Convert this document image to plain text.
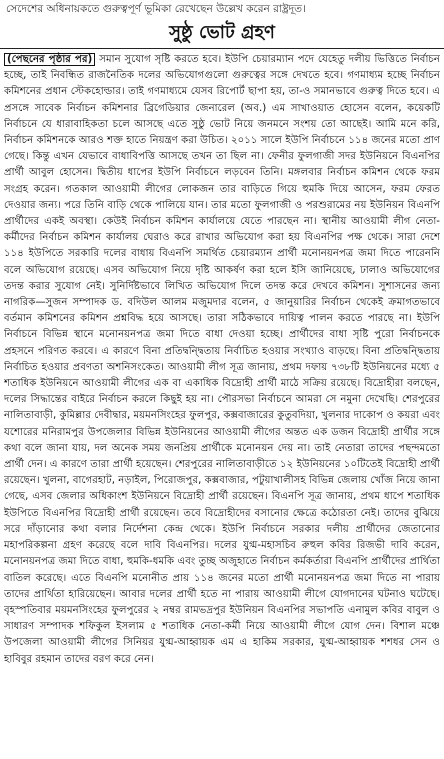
সেদেশের অধিনায়কতে গুরুত্বপূর্ণ ভূমিকা রেখেছেন উল্লেখ করেন রাষ্ট্রদূত।
সুষ্ঠু ভোট গ্রহণ

(পেছনের পৃষ্ঠার পর) সমান সুযোগ সৃষ্টি করতে হবে। ইউপি চেয়ারম্যান পদে যেহেতু দলীয় ভিত্তিতে নির্বাচন হচ্ছে, তাই নিবন্ধিত রাজনৈতিক দলের অভিযোগগুলো গুরুত্বের সঙ্গে দেখতে হবে। গণমাধ্যম হচ্ছে নির্বাচন কমিশনের প্রধান স্টেকহোল্ডার। তাই গণমাধ্যমে যেসব রিপোর্ট ছাপা হয়, তা-ও সমানভাবে গুরুত্ব দিতে হবে। এ প্রসঙ্গে সাবেক নির্বাচন কমিশনার ব্রিগেডিয়ার জেনারেল (অব.) এম সাখাওয়াত হোসেন বলেন, কয়েকটি নির্বাচনে যে ধারাবাহিকতা চলে আসছে এতে সুষ্ঠু ভোট নিয়ে জনমনে সংশয় তো আছেই। আমি মনে করি, নির্বাচন কমিশনকে আরও শক্ত হাতে নিয়ন্ত্রণ করা উচিত। ২০১১ সালে ইউপি নির্বাচনে ১১৪ জনের মতো প্রাণ গেছে। কিন্তু এখন যেভাবে বাধাবিপত্তি আসছে তখন তা ছিল না। ফেনীর ফুলগাজী সদর ইউনিয়নে বিএনপির প্রার্থী আবুল হোসেন। দ্বিতীয় ধাপের ইউপি নির্বাচনে লড়বেন তিনি। মঙ্গলবার নির্বাচন কমিশন থেকে ফরম সংগ্রহ করেন। গতকাল আওয়ামী লীগের লোকজন তার বাড়িতে গিয়ে হুমকি দিয়ে আসেন, ফরম ফেরত দেওয়ার জন্য। পরে তিনি বাড়ি থেকে পালিয়ে যান। তার মতো ফুলগাজী ও পরশুরামের নয় ইউনিয়ন বিএনপি প্রার্থীদের একই অবস্থা। কেউই নির্বাচন কমিশন কার্যালয়ে যেতে পারছেন না। স্থানীয় আওয়ামী লীগ নেতা-কর্মীদের নির্বাচন কমিশন কার্যালয় ঘেরাও করে রাখার অভিযোগ করা হয় বিএনপির পক্ষ থেকে। সারা দেশে ১১৪ ইউপিতে সরকারি দলের বাধায় বিএনপি সমর্থিত চেয়ারম্যান প্রার্থী মনোনয়নপত্র জমা দিতে পারেননি বলে অভিযোগ রয়েছে। এসব অভিযোগ নিয়ে দৃষ্টি আকর্ষণ করা হলে ইসি জানিয়েছে, ঢালাও অভিযোগের তদন্ত করার সুযোগ নেই। সুনির্দিষ্টভাবে লিখিত অভিযোগ দিলে তদন্ত করে দেখবে কমিশন। সুশাসনের জন্য নাগরিক—সুজন সম্পাদক ড. বদিউল আলম মজুমদার বলেন, ৫ জানুয়ারির নির্বাচন থেকেই ক্রমাগতভাবে বর্তমান কমিশনের কমিশন প্রশ্নবিদ্ধ হয়ে আসছে। তারা সঠিকভাবে দায়িত্ব পালন করতে পারছে না। ইউপি নির্বাচনে বিভিন্ন স্থানে মনোনয়নপত্র জমা দিতে বাধা দেওয়া হচ্ছে। প্রার্থীদের বাধা সৃষ্টি পুরো নির্বাচনকে প্রহসনে পরিণত করবে। এ কারণে বিনা প্রতিদ্বন্দ্বিতায় নির্বাচিত হওয়ার সংখ্যাও বাড়ছে। বিনা প্রতিদ্বন্দ্বিতায় নির্বাচিত হওয়ার প্রবণতা অশনিসংকেত। আওয়ামী লীগ সূত্র জানায়, প্রথম দফায় ৭৩৮টি ইউনিয়নের মধ্যে ৫ শতাধিক ইউনিয়নে আওয়ামী লীগের এক বা একাধিক বিদ্রোহী প্রার্থী মাঠে সক্রিয় রয়েছে। বিদ্রোহীরা বলছেন, দলের সিদ্ধান্তের বাইরে নির্বাচন করলে কিছুই হয় না। পৌরসভা নির্বাচনে আমরা সে নমুনা দেখেছি। শেরপুরের নালিতাবাড়ী, কুমিল্লার দেবীদ্বার, ময়মনসিংহের ফুলপুর, কক্সবাজারের কুতুবদিয়া, খুলনার দাকোপ ও কয়রা এবং যশোরের মনিরামপুর উপজেলার বিভিন্ন ইউনিয়নের আওয়ামী লীগের অন্তত এক ডজন বিদ্রোহী প্রার্থীর সঙ্গে কথা বলে জানা যায়, দল অনেক সময় জনপ্রিয় প্রার্থীকে মনোনয়ন দেয় না। তাই নেতারা তাদের পছন্দমতো প্রার্থী দেন। এ কারণে তারা প্রার্থী হয়েছেন। শেরপুরের নালিতাবাড়ীতে ১২ ইউনিয়নের ১০টিতেই বিদ্রোহী প্রার্থী রয়েছেন। খুলনা, বাগেরহাট, নড়াইল, পিরোজপুর, কক্সবাজার, পটুয়াখালীসহ বিভিন্ন জেলায় খোঁজ নিয়ে জানা গেছে, এসব জেলার অধিকাংশ ইউনিয়নে বিদ্রোহী প্রার্থী রয়েছেন। বিএনপি সূত্র জানায়, প্রথম ধাপে শতাধিক ইউপিতে বিএনপির বিদ্রোহী প্রার্থী রয়েছেন। তবে বিদ্রোহীদের বসানোর ক্ষেত্রে কঠোরতা নেই। তাদের বুঝিয়ে সরে দাঁড়ানোর কথা বলার নির্দেশনা কেন্দ্র থেকে। ইউপি নির্বাচনে সরকার দলীয় প্রার্থীদের জেতানোর মহাপরিকল্পনা গ্রহণ করেছে বলে দাবি বিএনপির। দলের যুগ্ম-মহাসচিব রুহুল কবির রিজভী দাবি করেন, মনোনয়নপত্র জমা দিতে বাধা, হুমকি-ধমকি এবং তুচ্ছ অজুহাতে নির্বাচন কর্মকর্তারা বিএনপি প্রার্থীদের প্রার্থিতা বাতিল করেছে। এতে বিএনপি মনোনীত প্রায় ১১৪ জনের মতো প্রার্থী মনোনয়নপত্র জমা দিতে না পারায় তাদের প্রার্থিতা হারিয়েছেন। আবার দলের প্রার্থী হতে না পারায় আওয়ামী লীগে যোগদানের ঘটনাও ঘটেছে। বৃহস্পতিবার ময়মনসিংহের ফুলপুরের ২ নম্বর রামভদ্রপুর ইউনিয়ন বিএনপির সভাপতি এনামুল কবির বাবুল ও সাধারণ সম্পাদক শফিকুল ইসলাম ৫ শতাধিক নেতা-কর্মী নিয়ে আওয়ামী লীগে যোগ দেন। বিশাল মঞ্চে উপজেলা আওয়ামী লীগের সিনিয়র যুগ্ম-আহ্বায়ক এম এ হাকিম সরকার, যুগ্ম-আহ্বায়ক শশধর সেন ও হাবিবুর রহমান তাদের বরণ করে নেন।
